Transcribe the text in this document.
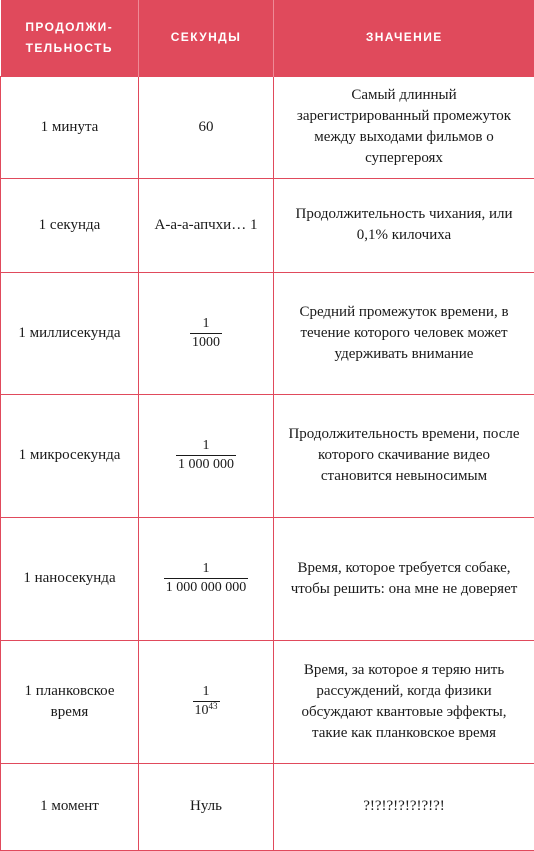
ПРОДОЛЖИ-
ТЕЛЬНОСТЬ	СЕКУНДЫ	ЗНАЧЕНИЕ
1 минута	60	Самый длинный зарегистрированный промежуток между выходами фильмов о супергероях
1 секунда	А-а-а-апчхи… 1	Продолжительность чихания, или 0,1% килочиха
1 миллисекунда	$\frac{1}{1000}$	Средний промежуток времени, в течение которого человек может удерживать внимание
1 микросекунда	$\frac{1}{1 000 000}$	Продолжительность времени, после которого скачивание видео становится невыносимым
1 наносекунда	$\frac{1}{1 000 000 000}$	Время, которое требуется собаке, чтобы решить: она мне не доверяет
1 планковское время	$\frac{1}{10^{43}}$	Время, за которое я теряю нить рассуждений, когда физики обсуждают квантовые эффекты, такие как планковское время
1 момент	Нуль	?!?!?!?!?!?!?!
